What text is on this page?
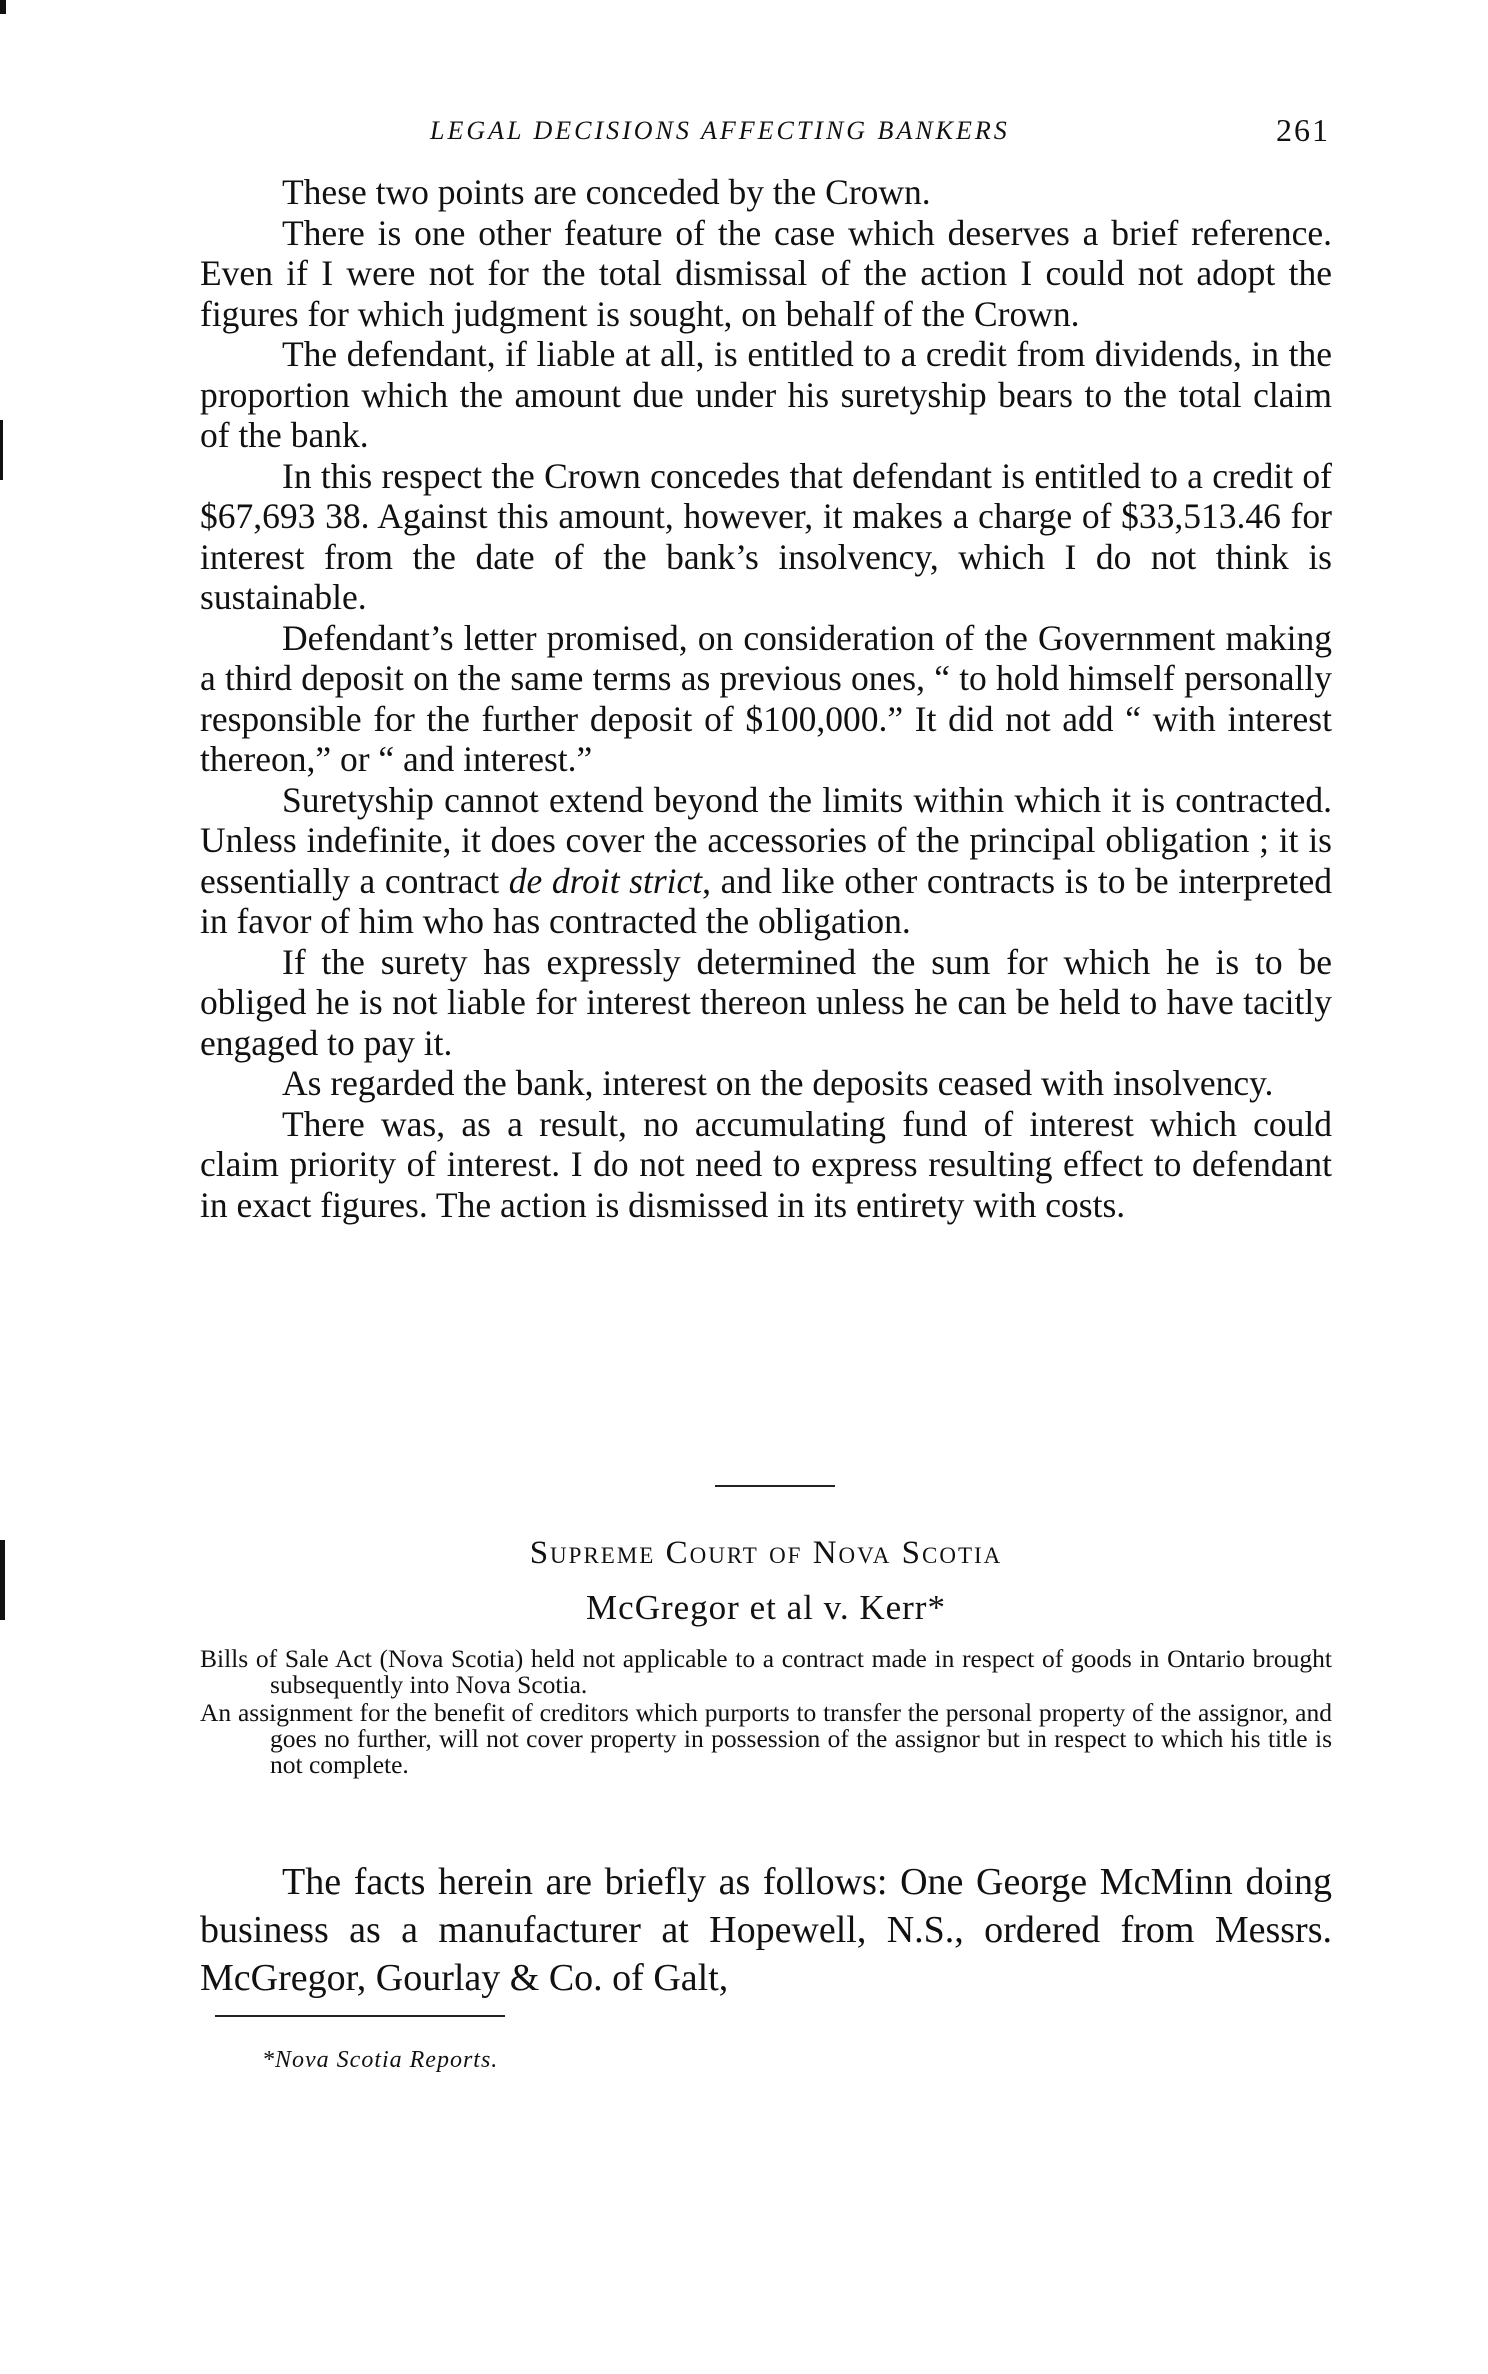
LEGAL DECISIONS AFFECTING BANKERS	261

These two points are conceded by the Crown.

There is one other feature of the case which deserves a brief reference. Even if I were not for the total dismissal of the action I could not adopt the figures for which judgment is sought, on behalf of the Crown.

The defendant, if liable at all, is entitled to a credit from dividends, in the proportion which the amount due under his suretyship bears to the total claim of the bank.

In this respect the Crown concedes that defendant is entitled to a credit of $67,693 38. Against this amount, however, it makes a charge of $33,513.46 for interest from the date of the bank’s insolvency, which I do not think is sustainable.

Defendant’s letter promised, on consideration of the Government making a third deposit on the same terms as previous ones, “ to hold himself personally responsible for the further deposit of $100,000.” It did not add “ with interest thereon,” or “ and interest.”

Suretyship cannot extend beyond the limits within which it is contracted. Unless indefinite, it does cover the accessories of the principal obligation ; it is essentially a contract de droit strict, and like other contracts is to be interpreted in favor of him who has contracted the obligation.

If the surety has expressly determined the sum for which he is to be obliged he is not liable for interest thereon unless he can be held to have tacitly engaged to pay it.

As regarded the bank, interest on the deposits ceased with insolvency.

There was, as a result, no accumulating fund of interest which could claim priority of interest. I do not need to express resulting effect to defendant in exact figures. The action is dismissed in its entirety with costs.

Supreme Court of Nova Scotia
McGregor et al v. Kerr*

Bills of Sale Act (Nova Scotia) held not applicable to a contract made in respect of goods in Ontario brought subsequently into Nova Scotia.

An assignment for the benefit of creditors which purports to transfer the personal property of the assignor, and goes no further, will not cover property in possession of the assignor but in respect to which his title is not complete.

The facts herein are briefly as follows: One George McMinn doing business as a manufacturer at Hopewell, N.S., ordered from Messrs. McGregor, Gourlay & Co. of Galt,

*Nova Scotia Reports.
